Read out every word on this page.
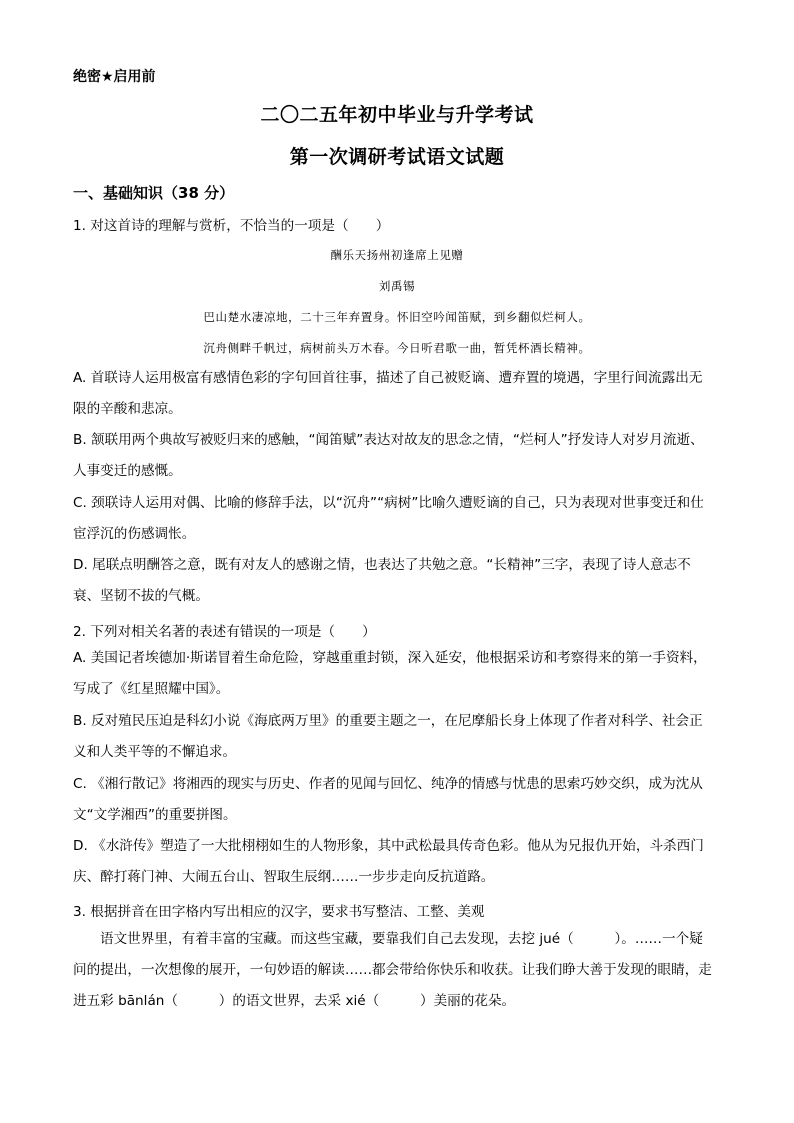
绝密★启用前
二〇二五年初中毕业与升学考试
第一次调研考试语文试题
一、基础知识（38 分）
1. 对这首诗的理解与赏析，不恰当的一项是（　　）
酬乐天扬州初逢席上见赠
刘禹锡
巴山楚水凄凉地，二十三年弃置身。怀旧空吟闻笛赋，到乡翻似烂柯人。
沉舟侧畔千帆过，病树前头万木春。今日听君歌一曲，暂凭杯酒长精神。
A. 首联诗人运用极富有感情色彩的字句回首往事，描述了自己被贬谪、遭弃置的境遇，字里行间流露出无限的辛酸和悲凉。
B. 颔联用两个典故写被贬归来的感触，“闻笛赋”表达对故友的思念之情，“烂柯人”抒发诗人对岁月流逝、人事变迁的感慨。
C. 颈联诗人运用对偶、比喻的修辞手法，以“沉舟”“病树”比喻久遭贬谪的自己，只为表现对世事变迁和仕宦浮沉的伤感调怅。
D. 尾联点明酬答之意，既有对友人的感谢之情，也表达了共勉之意。“长精神”三字，表现了诗人意志不衰、坚韧不拔的气概。
2. 下列对相关名著的表述有错误的一项是（　　）
A. 美国记者埃德加·斯诺冒着生命危险，穿越重重封锁，深入延安，他根据采访和考察得来的第一手资料，写成了《红星照耀中国》。
B. 反对殖民压迫是科幻小说《海底两万里》的重要主题之一，在尼摩船长身上体现了作者对科学、社会正义和人类平等的不懈追求。
C. 《湘行散记》将湘西的现实与历史、作者的见闻与回忆、纯净的情感与忧患的思索巧妙交织，成为沈从文“文学湘西”的重要拼图。
D. 《水浒传》塑造了一大批栩栩如生的人物形象，其中武松最具传奇色彩。他从为兄报仇开始，斗杀西门庆、醉打蒋门神、大闹五台山、智取生辰纲……一步步走向反抗道路。
3. 根据拼音在田字格内写出相应的汉字，要求书写整洁、工整、美观
语文世界里，有着丰富的宝藏。而这些宝藏，要靠我们自己去发现，去挖 jué（　　　）。……一个疑问的提出，一次想像的展开，一句妙语的解读……都会带给你快乐和收获。让我们睁大善于发现的眼睛，走进五彩 bānlán（　　　）的语文世界，去采 xié（　　　）美丽的花朵。
